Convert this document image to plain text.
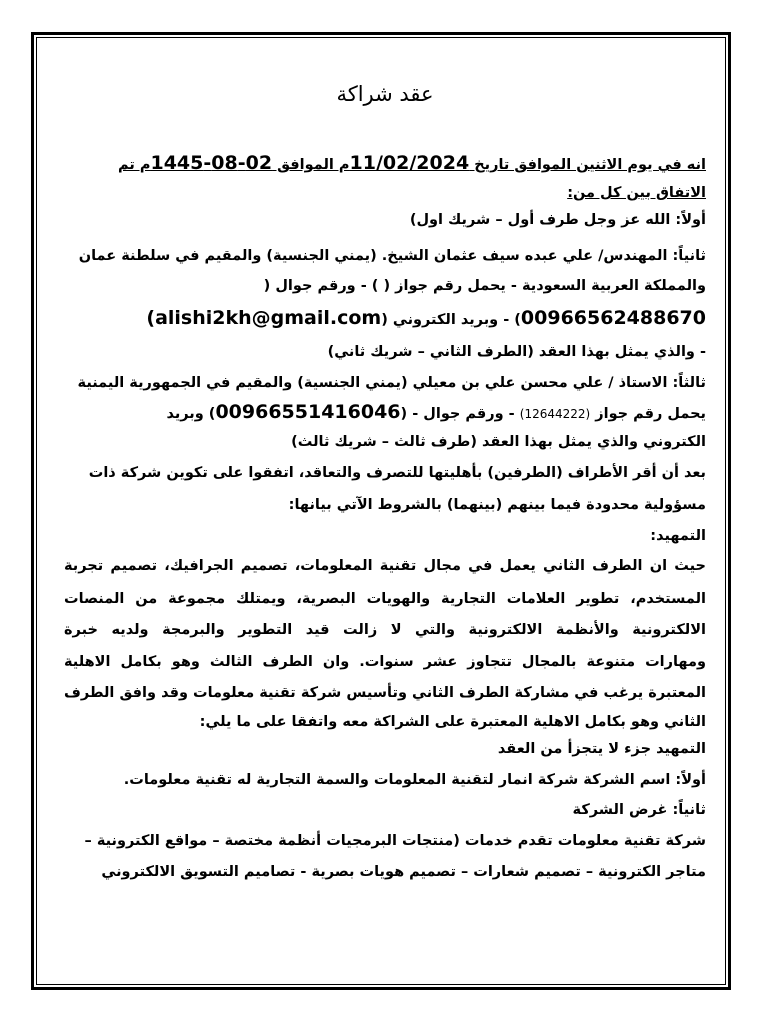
عقد شراكة
انه في يوم الاثنين الموافق تاريخ 11/02/2024م الموافق 02-08-1445م تم
الاتفاق بين كل من:
أولاً: الله عز وجل طرف أول – شريك اول)
ثانياً: المهندس/ علي عبده سيف عثمان الشيخ. (يمني الجنسية) والمقيم في سلطنة عمان
والمملكة العربية السعودية - يحمل رقم جواز ( ) - ورقم جوال (
00966562488670) - وبريد الكتروني (alishi2kh@gmail.com)
- والذي يمثل بهذا العقد (الطرف الثاني – شريك ثاني)
ثالثاً: الاستاذ / علي محسن علي بن معيلي (يمني الجنسية) والمقيم في الجمهورية اليمنية
يحمل رقم جواز (12644222) - ورقم جوال - (00966551416046) وبريد
الكتروني والذي يمثل بهذا العقد (طرف ثالث – شريك ثالث)
بعد أن أقر الأطراف (الطرفين) بأهليتها للتصرف والتعاقد، اتفقوا على تكوين شركة ذات
مسؤولية محدودة فيما بينهم (بينهما) بالشروط الآتي بيانها:
التمهيد:
حيث ان الطرف الثاني يعمل في مجال تقنية المعلومات، تصميم الجرافيك، تصميم تجربة
المستخدم، تطوير العلامات التجارية والهويات البصرية، ويمتلك مجموعة من المنصات
الالكترونية والأنظمة الالكترونية والتي لا زالت قيد التطوير والبرمجة ولديه خبرة
ومهارات متنوعة بالمجال تتجاوز عشر سنوات. وان الطرف الثالث وهو بكامل الاهلية
المعتبرة يرغب في مشاركة الطرف الثاني وتأسيس شركة تقنية معلومات وقد وافق الطرف
الثاني وهو بكامل الاهلية المعتبرة على الشراكة معه واتفقا على ما يلي:
التمهيد جزء لا يتجزأ من العقد
أولاً: اسم الشركة شركة انمار لتقنية المعلومات والسمة التجارية له تقنية معلومات.
ثانياً: غرض الشركة
شركة تقنية معلومات تقدم خدمات (منتجات البرمجيات أنظمة مختصة – مواقع الكترونية –
متاجر الكترونية – تصميم شعارات – تصميم هويات بصرية - تصاميم التسويق الالكتروني
